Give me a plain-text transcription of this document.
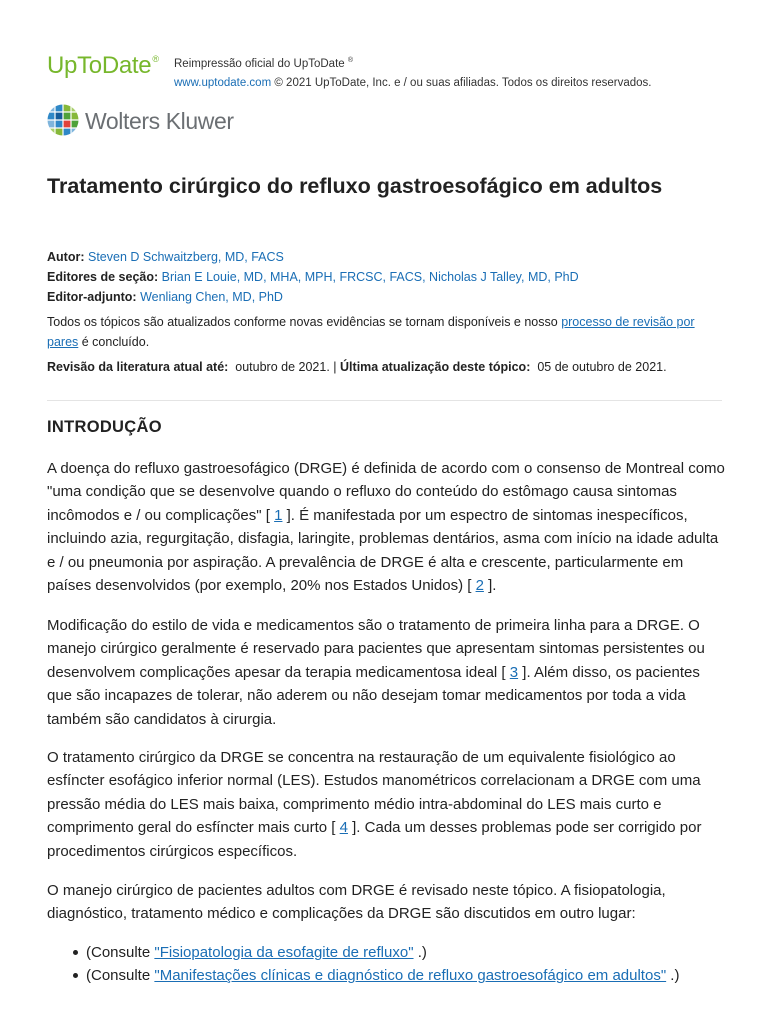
UpToDate® Reimpressão oficial do UpToDate ®
www.uptodate.com © 2021 UpToDate, Inc. e / ou suas afiliadas. Todos os direitos reservados.
Wolters Kluwer
Tratamento cirúrgico do refluxo gastroesofágico em adultos
Autor: Steven D Schwaitzberg, MD, FACS
Editores de seção: Brian E Louie, MD, MHA, MPH, FRCSC, FACS, Nicholas J Talley, MD, PhD
Editor-adjunto: Wenliang Chen, MD, PhD
Todos os tópicos são atualizados conforme novas evidências se tornam disponíveis e nosso processo de revisão por pares é concluído.
Revisão da literatura atual até: outubro de 2021. | Última atualização deste tópico: 05 de outubro de 2021.
INTRODUÇÃO

A doença do refluxo gastroesofágico (DRGE) é definida de acordo com o consenso de Montreal como "uma condição que se desenvolve quando o refluxo do conteúdo do estômago causa sintomas incômodos e / ou complicações" [ 1 ]. É manifestada por um espectro de sintomas inespecíficos, incluindo azia, regurgitação, disfagia, laringite, problemas dentários, asma com início na idade adulta e / ou pneumonia por aspiração. A prevalência de DRGE é alta e crescente, particularmente em países desenvolvidos (por exemplo, 20% nos Estados Unidos) [ 2 ].

Modificação do estilo de vida e medicamentos são o tratamento de primeira linha para a DRGE. O manejo cirúrgico geralmente é reservado para pacientes que apresentam sintomas persistentes ou desenvolvem complicações apesar da terapia medicamentosa ideal [ 3 ]. Além disso, os pacientes que são incapazes de tolerar, não aderem ou não desejam tomar medicamentos por toda a vida também são candidatos à cirurgia.

O tratamento cirúrgico da DRGE se concentra na restauração de um equivalente fisiológico ao esfíncter esofágico inferior normal (LES). Estudos manométricos correlacionam a DRGE com uma pressão média do LES mais baixa, comprimento médio intra-abdominal do LES mais curto e comprimento geral do esfíncter mais curto [ 4 ]. Cada um desses problemas pode ser corrigido por procedimentos cirúrgicos específicos.

O manejo cirúrgico de pacientes adultos com DRGE é revisado neste tópico. A fisiopatologia, diagnóstico, tratamento médico e complicações da DRGE são discutidos em outro lugar:

(Consulte "Fisiopatologia da esofagite de refluxo" .)
(Consulte "Manifestações clínicas e diagnóstico de refluxo gastroesofágico em adultos" .)
